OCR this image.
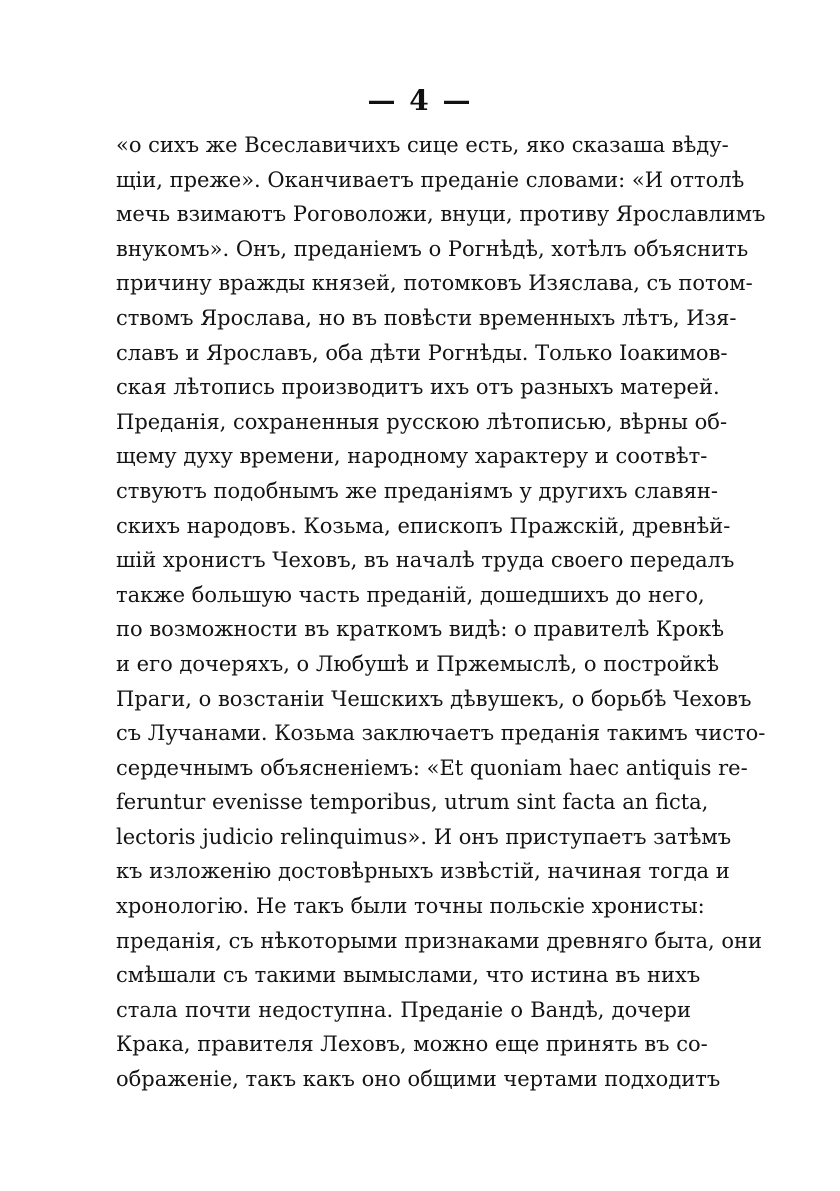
— 4 —
«о сихъ же Всеславичихъ сице есть, яко сказаша вѣду-
щіи, преже». Оканчиваетъ преданіе словами: «И оттолѣ
мечь взимаютъ Роговоложи, внуци, противу Ярославлимъ
внукомъ». Онъ, преданіемъ о Рогнѣдѣ, хотѣлъ объяснить
причину вражды князей, потомковъ Изяслава, съ потом-
ствомъ Ярослава, но въ повѣсти временныхъ лѣтъ, Изя-
славъ и Ярославъ, оба дѣти Рогнѣды. Только Іоакимов-
ская лѣтопись производитъ ихъ отъ разныхъ матерей.
Преданія, сохраненныя русскою лѣтописью, вѣрны об-
щему духу времени, народному характеру и соотвѣт-
ствуютъ подобнымъ же преданіямъ у другихъ славян-
скихъ народовъ. Козьма, епископъ Пражскій, древнѣй-
шій хронистъ Чеховъ, въ началѣ труда своего передалъ
также большую часть преданій, дошедшихъ до него,
по возможности въ краткомъ видѣ: о правителѣ Крокѣ
и его дочеряхъ, о Любушѣ и Пржемыслѣ, о постройкѣ
Праги, о возстаніи Чешскихъ дѣвушекъ, о борьбѣ Чеховъ
съ Лучанами. Козьма заключаетъ преданія такимъ чисто-
сердечнымъ объясненіемъ: «Et quoniam haec antiquis re-
feruntur evenisse temporibus, utrum sint facta an ficta,
lectoris judicio relinquimus». И онъ приступаетъ затѣмъ
къ изложенію достовѣрныхъ извѣстій, начиная тогда и
хронологію. Не такъ были точны польскіе хронисты:
преданія, съ нѣкоторыми признаками древняго быта, они
смѣшали съ такими вымыслами, что истина въ нихъ
стала почти недоступна. Преданіе о Вандѣ, дочери
Крака, правителя Леховъ, можно еще принять въ со-
ображеніе, такъ какъ оно общими чертами подходитъ
